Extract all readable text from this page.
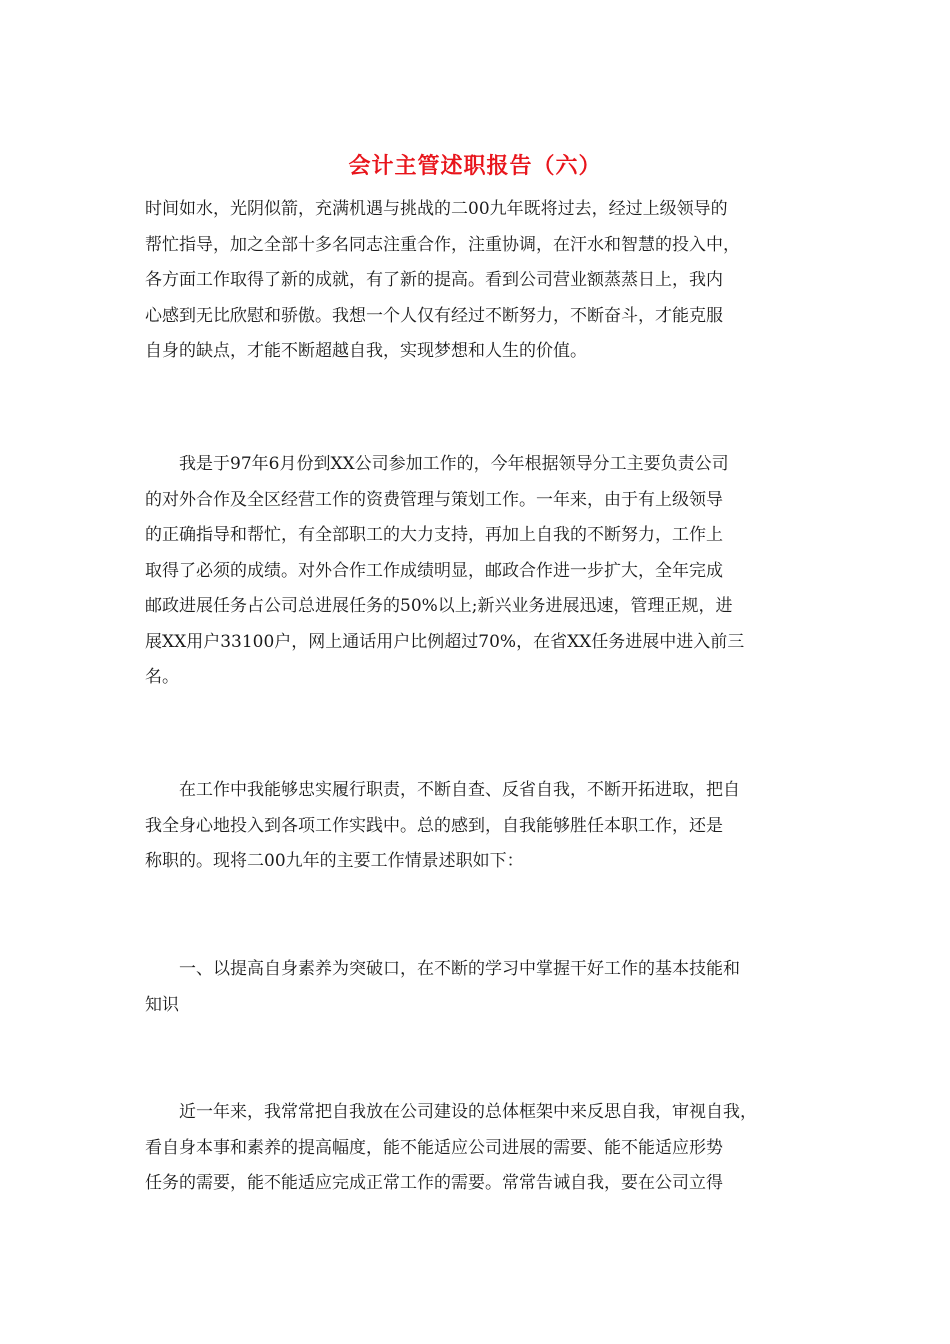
会计主管述职报告（六）

时间如水，光阴似箭，充满机遇与挑战的二00九年既将过去，经过上级领导的
帮忙指导，加之全部十多名同志注重合作，注重协调，在汗水和智慧的投入中，
各方面工作取得了新的成就，有了新的提高。看到公司营业额蒸蒸日上，我内
心感到无比欣慰和骄傲。我想一个人仅有经过不断努力，不断奋斗，才能克服
自身的缺点，才能不断超越自我，实现梦想和人生的价值。

　　我是于97年6月份到XX公司参加工作的，今年根据领导分工主要负责公司
的对外合作及全区经营工作的资费管理与策划工作。一年来，由于有上级领导
的正确指导和帮忙，有全部职工的大力支持，再加上自我的不断努力，工作上
取得了必须的成绩。对外合作工作成绩明显，邮政合作进一步扩大，全年完成
邮政进展任务占公司总进展任务的50%以上;新兴业务进展迅速，管理正规，进
展XX用户33100户，网上通话用户比例超过70%，在省XX任务进展中进入前三
名。

　　在工作中我能够忠实履行职责，不断自查、反省自我，不断开拓进取，把自
我全身心地投入到各项工作实践中。总的感到，自我能够胜任本职工作，还是
称职的。现将二00九年的主要工作情景述职如下：

　　一、以提高自身素养为突破口，在不断的学习中掌握干好工作的基本技能和
知识

　　近一年来，我常常把自我放在公司建设的总体框架中来反思自我，审视自我，
看自身本事和素养的提高幅度，能不能适应公司进展的需要、能不能适应形势
任务的需要，能不能适应完成正常工作的需要。常常告诫自我，要在公司立得
